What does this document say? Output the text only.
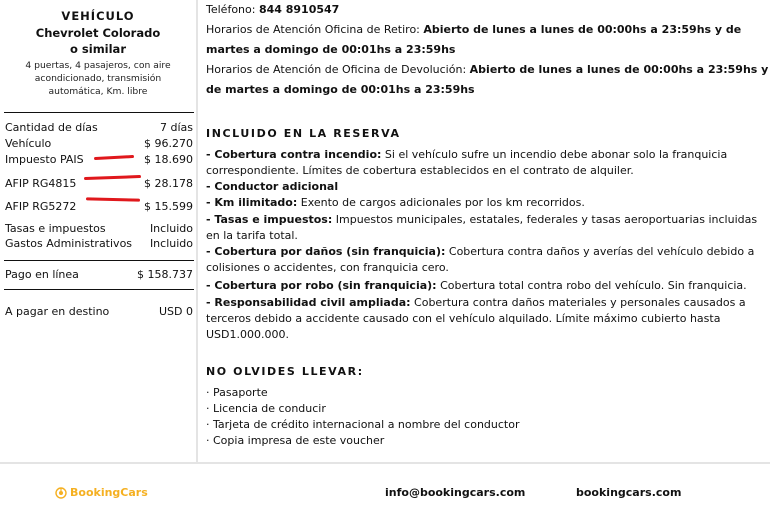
VEHÍCULO
Chevrolet Colorado
o similar
4 puertas, 4 pasajeros, con aire acondicionado, transmisión automática, Km. libre
Cantidad de días	7 días
Vehículo	$ 96.270
Impuesto PAIS	$ 18.690
AFIP RG4815	$ 28.178
AFIP RG5272	$ 15.599
Tasas e impuestos	Incluido
Gastos Administrativos Incluido
Pago en línea	$ 158.737
A pagar en destino	USD 0
Teléfono: 844 8910547
Horarios de Atención Oficina de Retiro: Abierto de lunes a lunes de 00:00hs a 23:59hs y de
martes a domingo de 00:01hs a 23:59hs
Horarios de Atención de Oficina de Devolución: Abierto de lunes a lunes de 00:00hs a 23:59hs y
de martes a domingo de 00:01hs a 23:59hs
INCLUIDO EN LA RESERVA
- Cobertura contra incendio: Si el vehículo sufre un incendio debe abonar solo la franquicia correspondiente. Límites de cobertura establecidos en el contrato de alquiler.
- Conductor adicional
- Km ilimitado: Exento de cargos adicionales por los km recorridos.
- Tasas e impuestos: Impuestos municipales, estatales, federales y tasas aeroportuarias incluidas en la tarifa total.
- Cobertura por daños (sin franquicia): Cobertura contra daños y averías del vehículo debido a colisiones o accidentes, con franquicia cero.
- Cobertura por robo (sin franquicia): Cobertura total contra robo del vehículo. Sin franquicia.
- Responsabilidad civil ampliada: Cobertura contra daños materiales y personales causados a terceros debido a accidente causado con el vehículo alquilado. Límite máximo cubierto hasta USD1.000.000.
NO OLVIDES LLEVAR:
· Pasaporte
· Licencia de conducir
· Tarjeta de crédito internacional a nombre del conductor
· Copia impresa de este voucher
BookingCars	info@bookingcars.com	bookingcars.com
